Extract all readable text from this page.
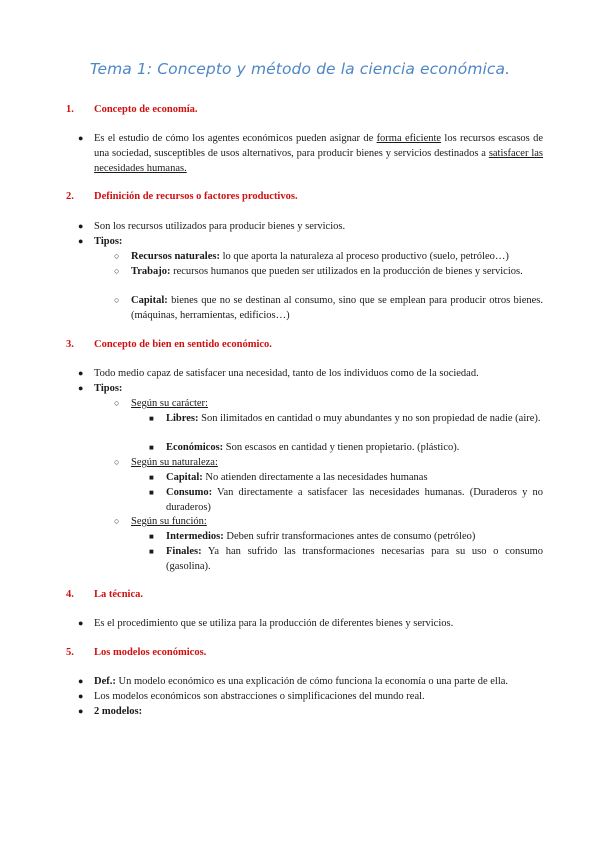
Tema 1: Concepto y método de la ciencia económica.
1. Concepto de economía.
● Es el estudio de cómo los agentes económicos pueden asignar de forma eficiente los recursos escasos de una sociedad, susceptibles de usos alternativos, para producir bienes y servicios destinados a satisfacer las necesidades humanas.
2. Definición de recursos o factores productivos.
● Son los recursos utilizados para producir bienes y servicios.
● Tipos:
○ Recursos naturales: lo que aporta la naturaleza al proceso productivo (suelo, petróleo…)
○ Trabajo: recursos humanos que pueden ser utilizados en la producción de bienes y servicios.
○ Capital: bienes que no se destinan al consumo, sino que se emplean para producir otros bienes. (máquinas, herramientas, edificios…)
3. Concepto de bien en sentido económico.
● Todo medio capaz de satisfacer una necesidad, tanto de los individuos como de la sociedad.
● Tipos:
○ Según su carácter:
■ Libres: Son ilimitados en cantidad o muy abundantes y no son propiedad de nadie (aire).
■ Económicos: Son escasos en cantidad y tienen propietario. (plástico).
○ Según su naturaleza:
■ Capital: No atienden directamente a las necesidades humanas
■ Consumo: Van directamente a satisfacer las necesidades humanas. (Duraderos y no duraderos)
○ Según su función:
■ Intermedios: Deben sufrir transformaciones antes de consumo (petróleo)
■ Finales: Ya han sufrido las transformaciones necesarias para su uso o consumo (gasolina).
4. La técnica.
● Es el procedimiento que se utiliza para la producción de diferentes bienes y servicios.
5. Los modelos económicos.
● Def.: Un modelo económico es una explicación de cómo funciona la economía o una parte de ella.
● Los modelos económicos son abstracciones o simplificaciones del mundo real.
● 2 modelos:
